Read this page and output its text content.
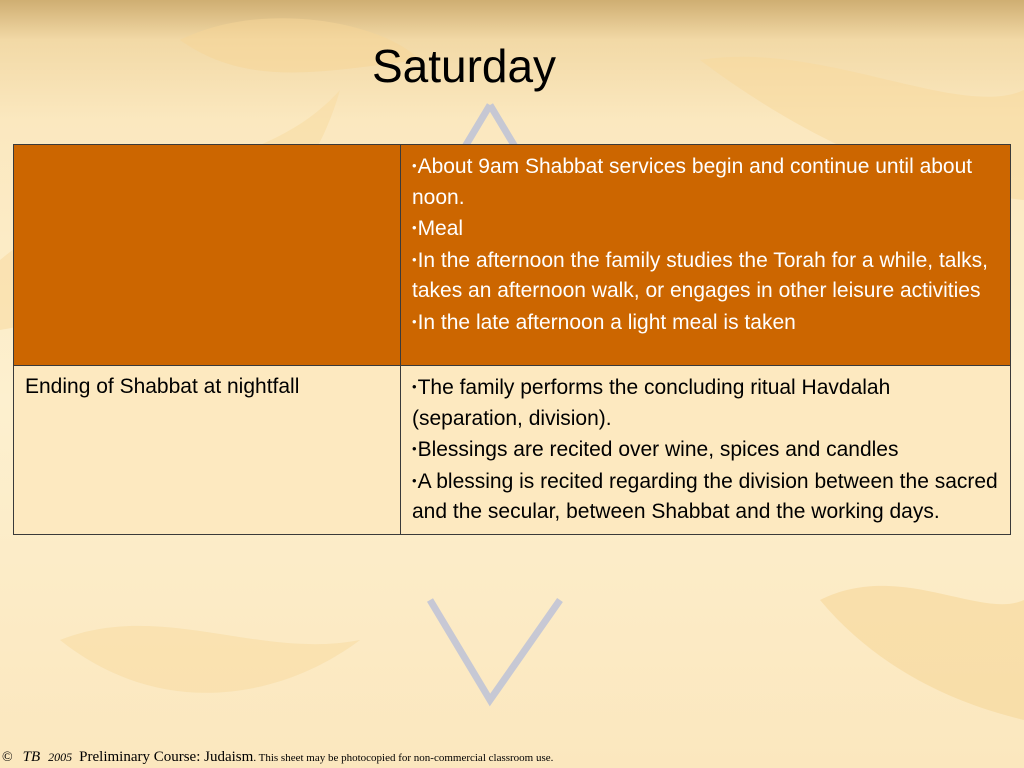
Saturday

	•About 9am Shabbat services begin and continue until about noon.
•Meal
•In the afternoon the family studies the Torah for a while, talks, takes an afternoon walk, or engages in other leisure activities
•In the late afternoon a light meal is taken

Ending of Shabbat at nightfall	•The family performs the concluding ritual Havdalah (separation, division).
•Blessings are recited over wine, spices and candles
•A blessing is recited regarding the division between the sacred and the secular, between Shabbat and the working days.
© TB 2005 Preliminary Course: Judaism. This sheet may be photocopied for non-commercial classroom use.
